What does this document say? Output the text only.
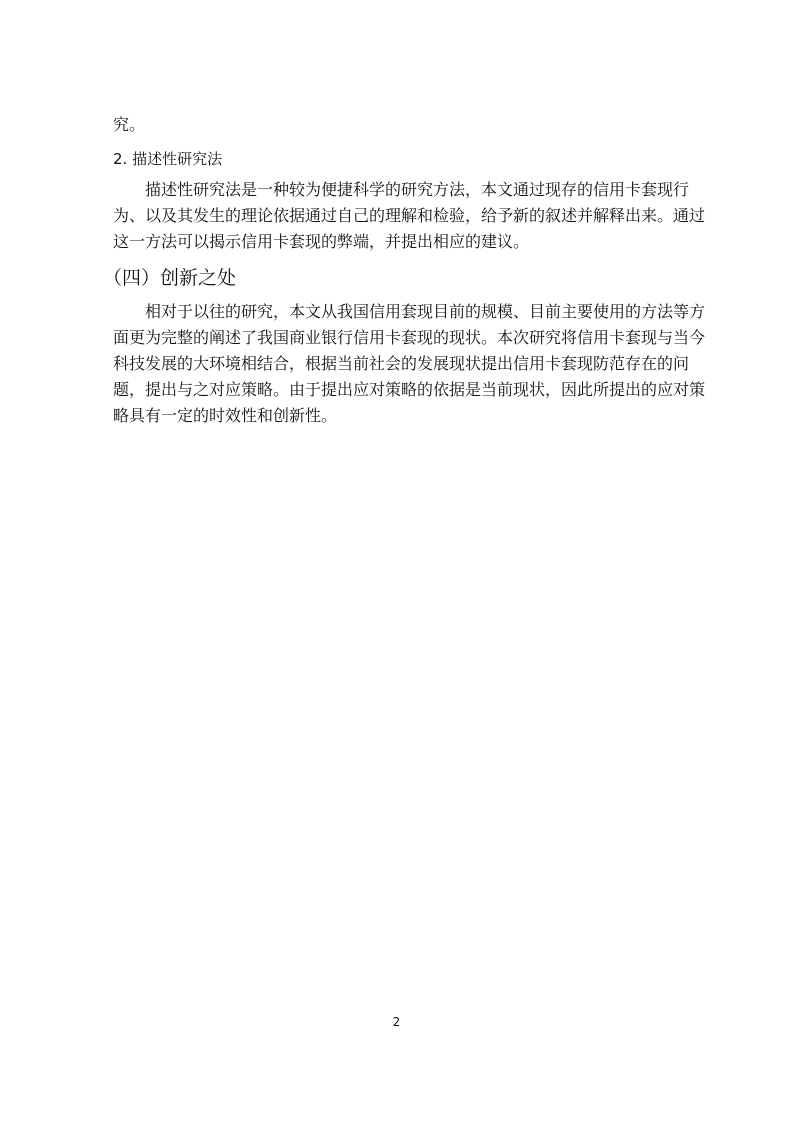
究。
2. 描述性研究法
描述性研究法是一种较为便捷科学的研究方法，本文通过现存的信用卡套现行
为、以及其发生的理论依据通过自己的理解和检验，给予新的叙述并解释出来。通过
这一方法可以揭示信用卡套现的弊端，并提出相应的建议。
（四）创新之处
相对于以往的研究，本文从我国信用套现目前的规模、目前主要使用的方法等方
面更为完整的阐述了我国商业银行信用卡套现的现状。本次研究将信用卡套现与当今
科技发展的大环境相结合，根据当前社会的发展现状提出信用卡套现防范存在的问
题，提出与之对应策略。由于提出应对策略的依据是当前现状，因此所提出的应对策
略具有一定的时效性和创新性。
2
